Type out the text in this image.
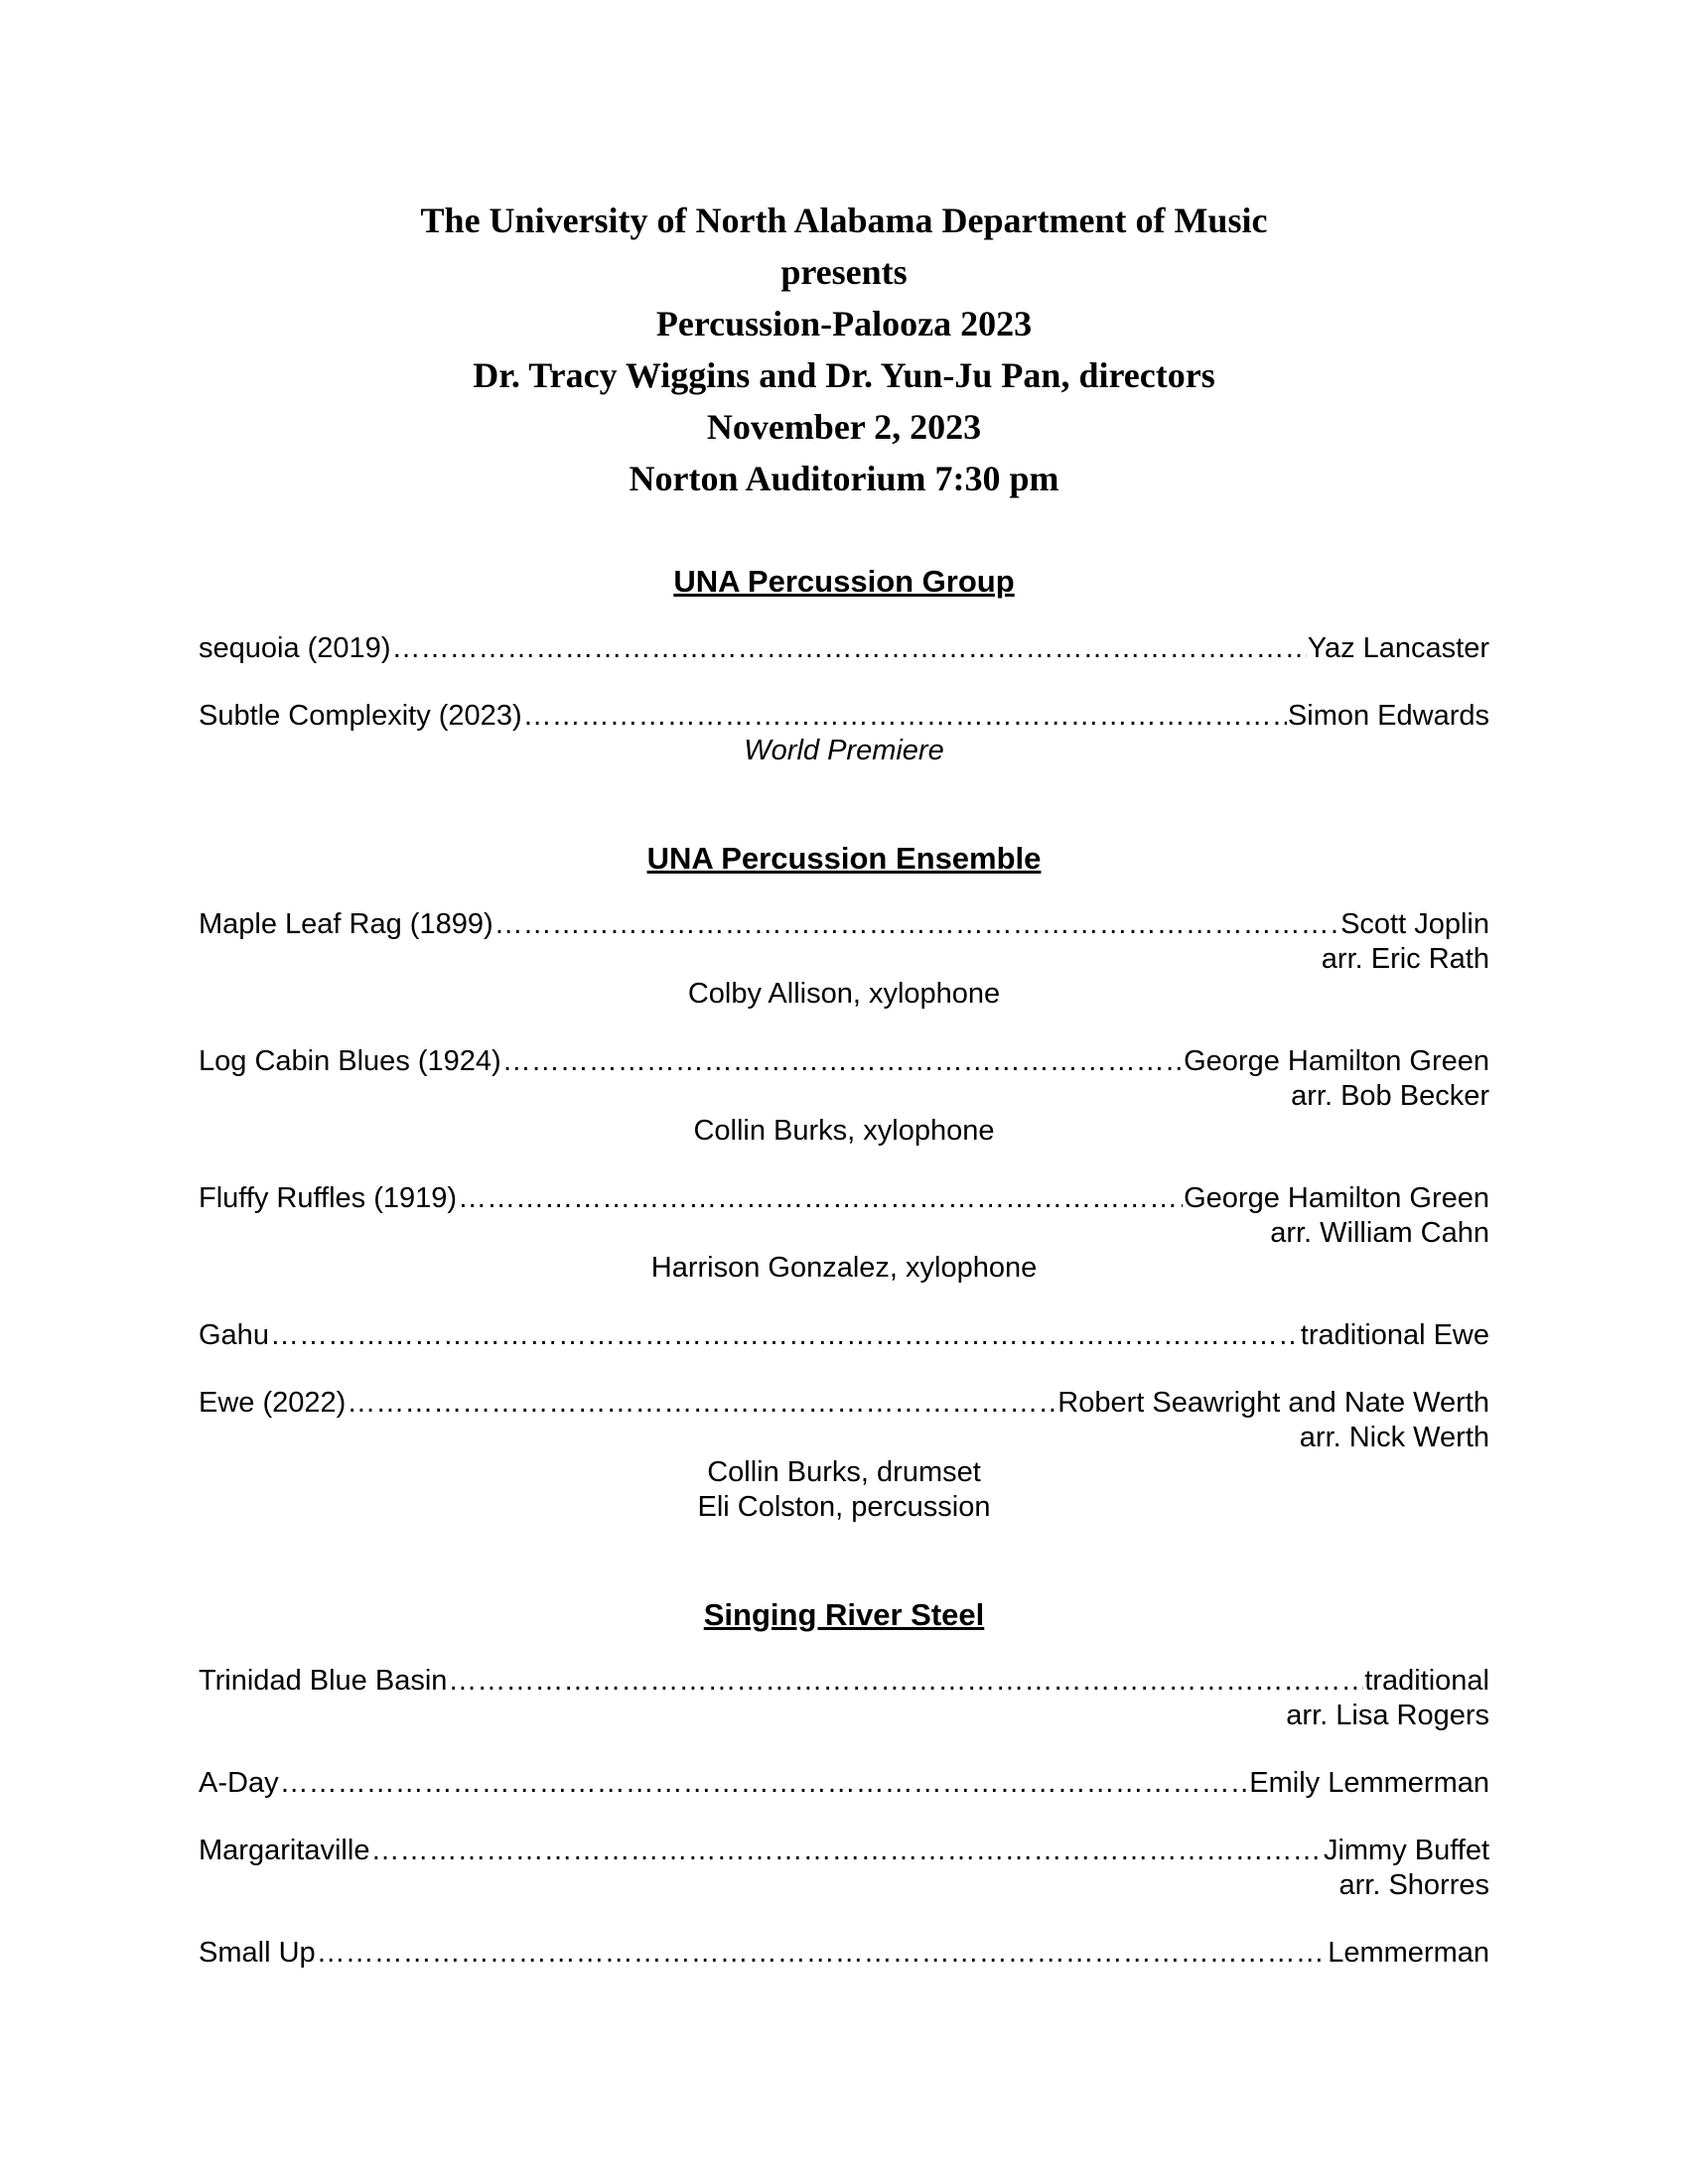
The University of North Alabama Department of Music
presents
Percussion-Palooza 2023
Dr. Tracy Wiggins and Dr. Yun-Ju Pan, directors
November 2, 2023
Norton Auditorium 7:30 pm
UNA Percussion Group
sequoia (2019) ………………………………………………………………………………………………………………………………………………………………………………………………………………………………………………………………………………	Yaz Lancaster
Subtle Complexity (2023) ………………………………………………………………………………………………………………………………………………………………………………………………………………………………………………………………………………	Simon Edwards
World Premiere
UNA Percussion Ensemble
Maple Leaf Rag (1899) ………………………………………………………………………………………………………………………………………………………………………………………………………………………………………………………………………………	Scott Joplin
arr. Eric Rath
Colby Allison, xylophone
Log Cabin Blues (1924) ………………………………………………………………………………………………………………………………………………………………………………………………………………………………………………………………………………	George Hamilton Green
arr. Bob Becker
Collin Burks, xylophone
Fluffy Ruffles (1919) ………………………………………………………………………………………………………………………………………………………………………………………………………………………………………………………………………………	George Hamilton Green
arr. William Cahn
Harrison Gonzalez, xylophone
Gahu ………………………………………………………………………………………………………………………………………………………………………………………………………………………………………………………………………………	traditional Ewe
Ewe (2022) ………………………………………………………………………………………………………………………………………………………………………………………………………………………………………………………………………………	Robert Seawright and Nate Werth
arr. Nick Werth
Collin Burks, drumset
Eli Colston, percussion
Singing River Steel
Trinidad Blue Basin ………………………………………………………………………………………………………………………………………………………………………………………………………………………………………………………………………………	traditional
arr. Lisa Rogers
A-Day ………………………………………………………………………………………………………………………………………………………………………………………………………………………………………………………………………………	Emily Lemmerman
Margaritaville ………………………………………………………………………………………………………………………………………………………………………………………………………………………………………………………………………………	Jimmy Buffet
arr. Shorres
Small Up ………………………………………………………………………………………………………………………………………………………………………………………………………………………………………………………………………………	Lemmerman
